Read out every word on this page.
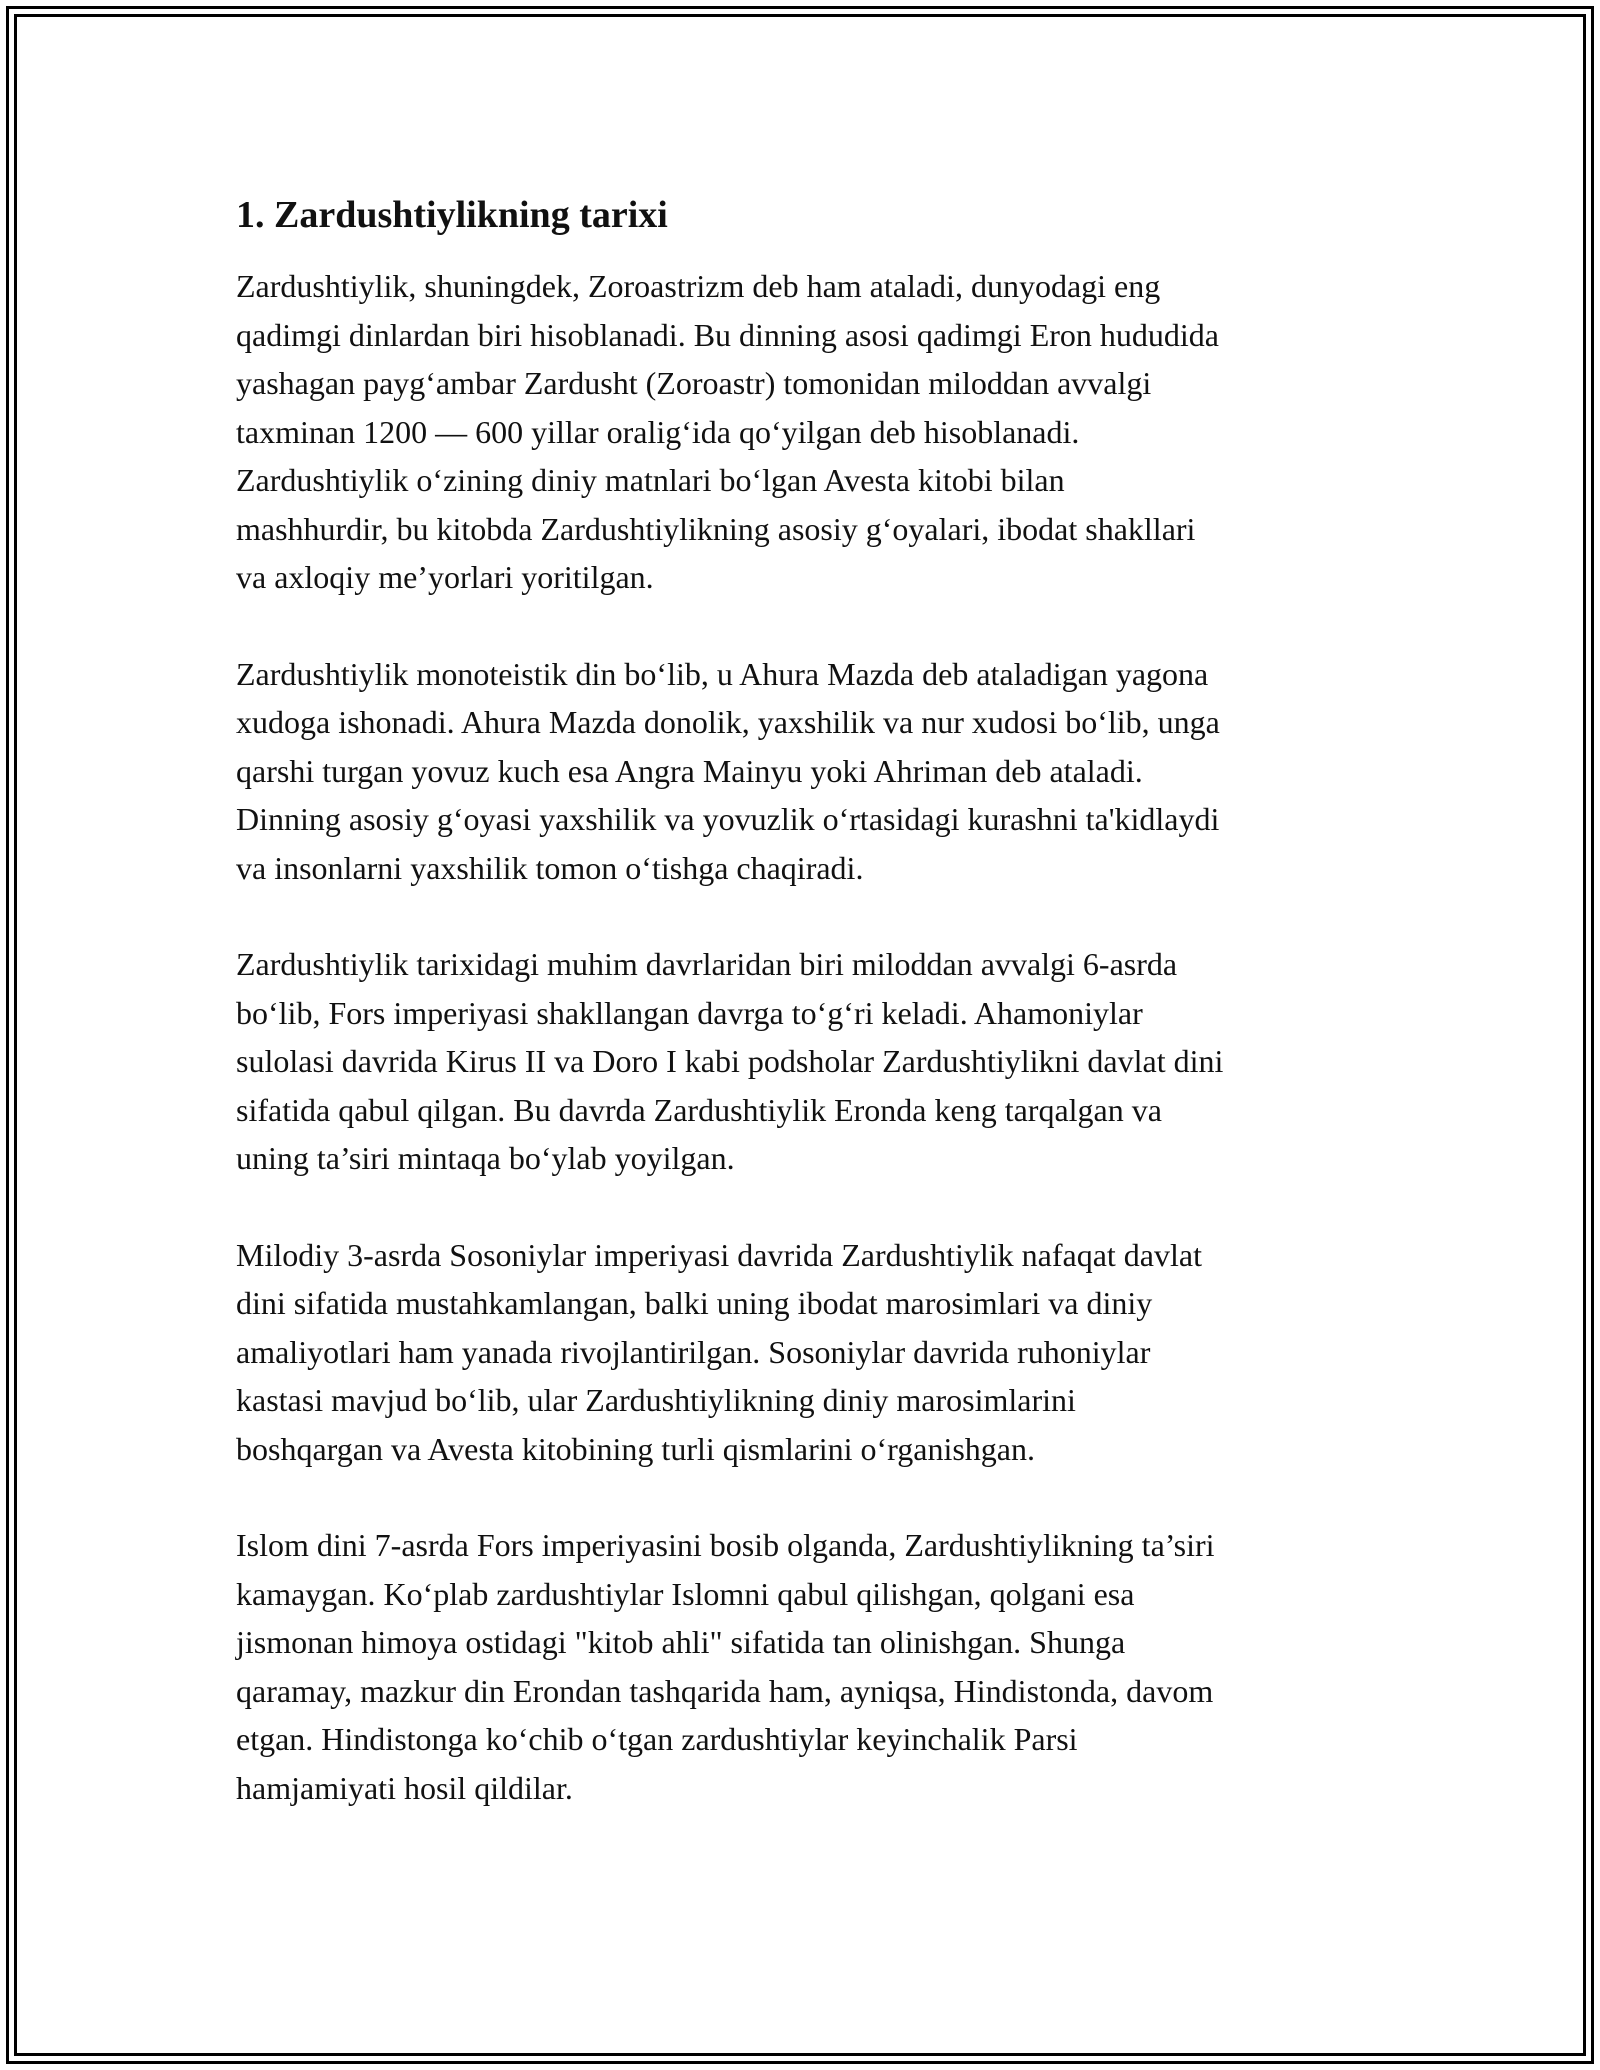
1. Zardushtiylikning tarixi

Zardushtiylik, shuningdek, Zoroastrizm deb ham ataladi, dunyodagi eng
qadimgi dinlardan biri hisoblanadi. Bu dinning asosi qadimgi Eron hududida
yashagan payg‘ambar Zardusht (Zoroastr) tomonidan miloddan avvalgi
taxminan 1200 — 600 yillar oralig‘ida qo‘yilgan deb hisoblanadi.
Zardushtiylik o‘zining diniy matnlari bo‘lgan Avesta kitobi bilan
mashhurdir, bu kitobda Zardushtiylikning asosiy g‘oyalari, ibodat shakllari
va axloqiy me’yorlari yoritilgan.

Zardushtiylik monoteistik din bo‘lib, u Ahura Mazda deb ataladigan yagona
xudoga ishonadi. Ahura Mazda donolik, yaxshilik va nur xudosi bo‘lib, unga
qarshi turgan yovuz kuch esa Angra Mainyu yoki Ahriman deb ataladi.
Dinning asosiy g‘oyasi yaxshilik va yovuzlik o‘rtasidagi kurashni ta'kidlaydi
va insonlarni yaxshilik tomon o‘tishga chaqiradi.

Zardushtiylik tarixidagi muhim davrlaridan biri miloddan avvalgi 6-asrda
bo‘lib, Fors imperiyasi shakllangan davrga to‘g‘ri keladi. Ahamoniylar
sulolasi davrida Kirus II va Doro I kabi podsholar Zardushtiylikni davlat dini
sifatida qabul qilgan. Bu davrda Zardushtiylik Eronda keng tarqalgan va
uning ta’siri mintaqa bo‘ylab yoyilgan.

Milodiy 3-asrda Sosoniylar imperiyasi davrida Zardushtiylik nafaqat davlat
dini sifatida mustahkamlangan, balki uning ibodat marosimlari va diniy
amaliyotlari ham yanada rivojlantirilgan. Sosoniylar davrida ruhoniylar
kastasi mavjud bo‘lib, ular Zardushtiylikning diniy marosimlarini
boshqargan va Avesta kitobining turli qismlarini o‘rganishgan.

Islom dini 7-asrda Fors imperiyasini bosib olganda, Zardushtiylikning ta’siri
kamaygan. Ko‘plab zardushtiylar Islomni qabul qilishgan, qolgani esa
jismonan himoya ostidagi "kitob ahli" sifatida tan olinishgan. Shunga
qaramay, mazkur din Erondan tashqarida ham, ayniqsa, Hindistonda, davom
etgan. Hindistonga ko‘chib o‘tgan zardushtiylar keyinchalik Parsi
hamjamiyati hosil qildilar.
